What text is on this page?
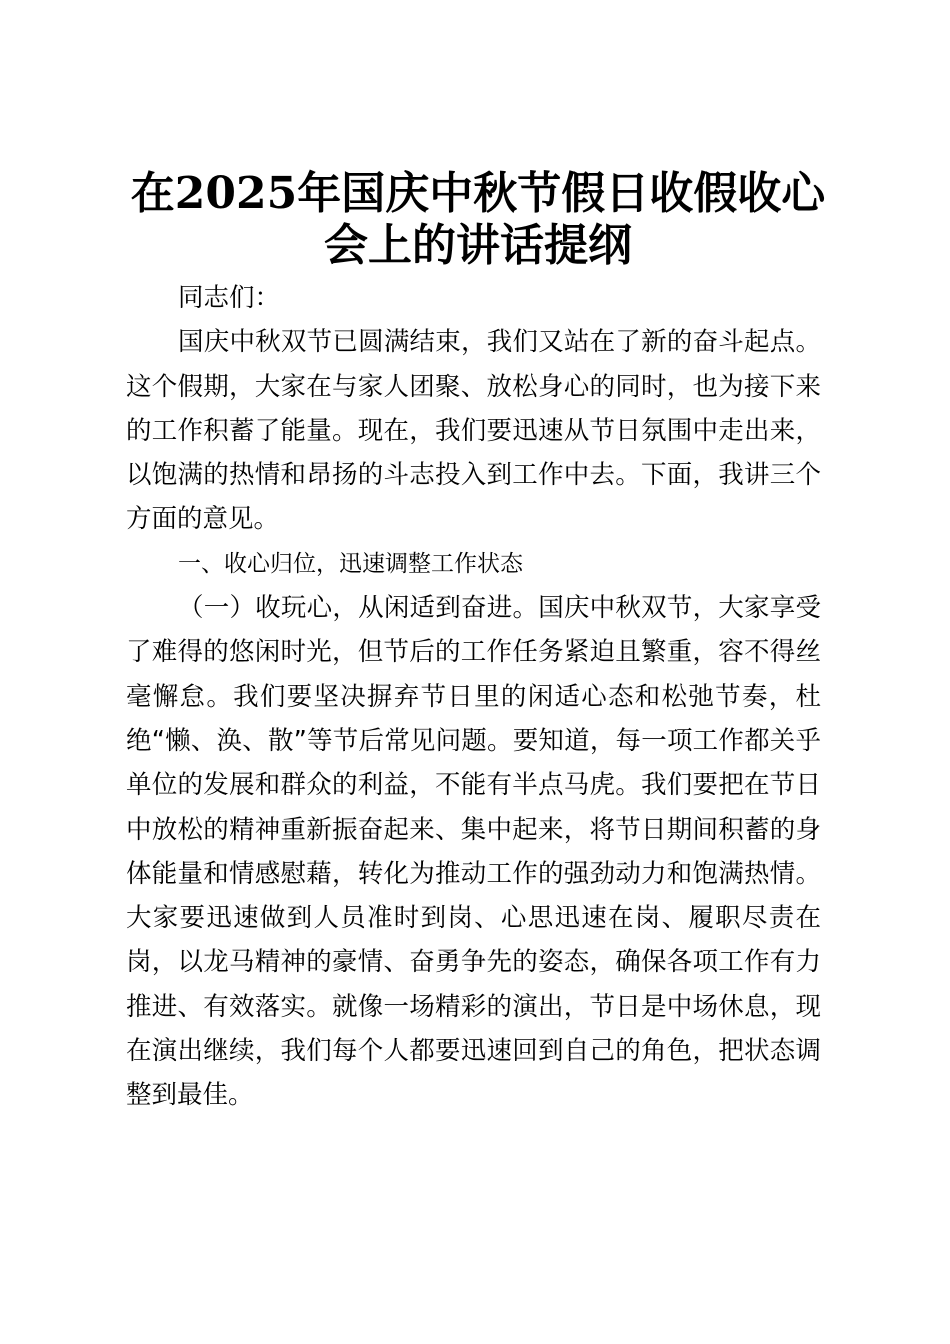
在2025年国庆中秋节假日收假收心会上的讲话提纲

同志们：

国庆中秋双节已圆满结束，我们又站在了新的奋斗起点。这个假期，大家在与家人团聚、放松身心的同时，也为接下来的工作积蓄了能量。现在，我们要迅速从节日氛围中走出来，以饱满的热情和昂扬的斗志投入到工作中去。下面，我讲三个方面的意见。

一、收心归位，迅速调整工作状态

（一）收玩心，从闲适到奋进。国庆中秋双节，大家享受了难得的悠闲时光，但节后的工作任务紧迫且繁重，容不得丝毫懈怠。我们要坚决摒弃节日里的闲适心态和松弛节奏，杜绝“懒、涣、散”等节后常见问题。要知道，每一项工作都关乎单位的发展和群众的利益，不能有半点马虎。我们要把在节日中放松的精神重新振奋起来、集中起来，将节日期间积蓄的身体能量和情感慰藉，转化为推动工作的强劲动力和饱满热情。大家要迅速做到人员准时到岗、心思迅速在岗、履职尽责在岗，以龙马精神的豪情、奋勇争先的姿态，确保各项工作有力推进、有效落实。就像一场精彩的演出，节日是中场休息，现在演出继续，我们每个人都要迅速回到自己的角色，把状态调整到最佳。
